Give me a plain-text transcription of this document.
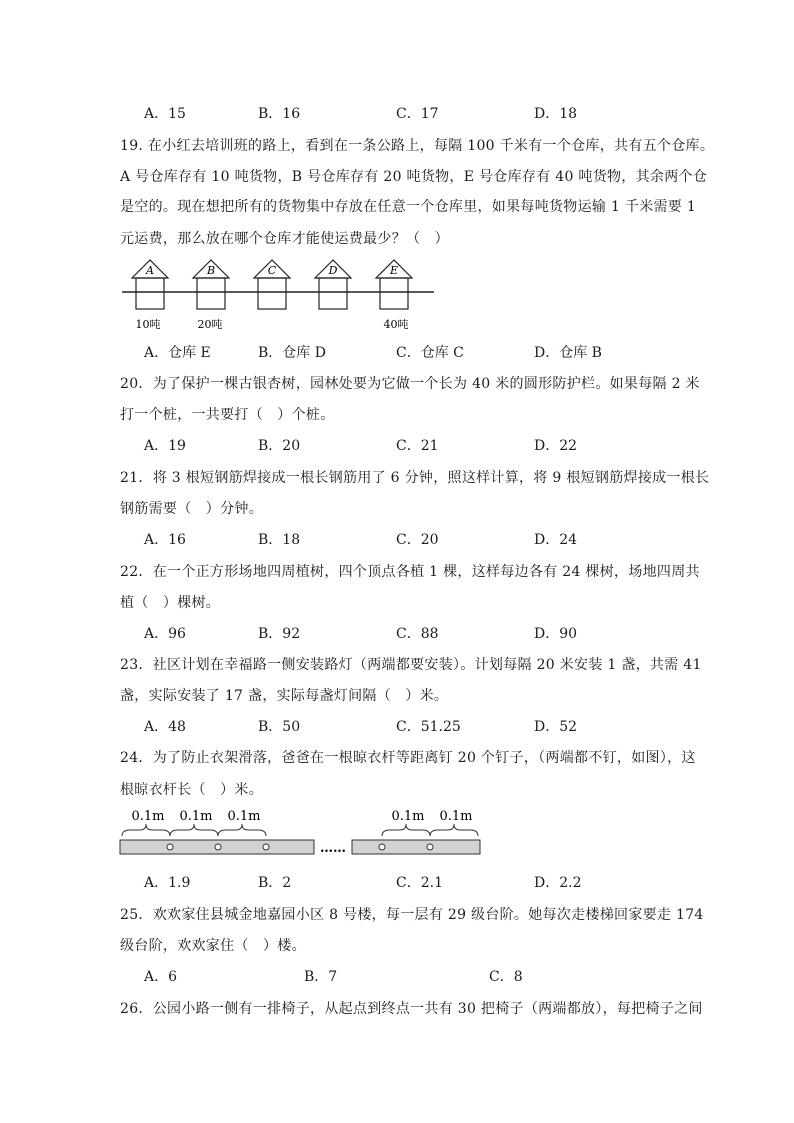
A．15	B．16	C．17	D．18
19. 在小红去培训班的路上，看到在一条公路上，每隔 100 千米有一个仓库，共有五个仓库。
A 号仓库存有 10 吨货物，B 号仓库存有 20 吨货物，E 号仓库存有 40 吨货物，其余两个仓
是空的。现在想把所有的货物集中存放在任意一个仓库里，如果每吨货物运输 1 千米需要 1
元运费，那么放在哪个仓库才能使运费最少？（　）
A	B	C	D	E
10吨	20吨	40吨
A．仓库 E	B．仓库 D	C．仓库 C	D．仓库 B
20．为了保护一棵古银杏树，园林处要为它做一个长为 40 米的圆形防护栏。如果每隔 2 米
打一个桩，一共要打（　）个桩。
A．19	B．20	C．21	D．22
21．将 3 根短钢筋焊接成一根长钢筋用了 6 分钟，照这样计算，将 9 根短钢筋焊接成一根长
钢筋需要（　）分钟。
A．16	B．18	C．20	D．24
22．在一个正方形场地四周植树，四个顶点各植 1 棵，这样每边各有 24 棵树，场地四周共
植（　）棵树。
A．96	B．92	C．88	D．90
23．社区计划在幸福路一侧安装路灯（两端都要安装）。计划每隔 20 米安装 1 盏，共需 41
盏，实际安装了 17 盏，实际每盏灯间隔（　）米。
A．48	B．50	C．51.25	D．52
24．为了防止衣架滑落，爸爸在一根晾衣杆等距离钉 20 个钉子，（两端都不钉，如图），这
根晾衣杆长（　）米。
0.1m 0.1m 0.1m	0.1m 0.1m
……
A．1.9	B．2	C．2.1	D．2.2
25．欢欢家住县城金地嘉园小区 8 号楼，每一层有 29 级台阶。她每次走楼梯回家要走 174
级台阶，欢欢家住（　）楼。
A．6	B．7	C．8
26．公园小路一侧有一排椅子，从起点到终点一共有 30 把椅子（两端都放），每把椅子之间
